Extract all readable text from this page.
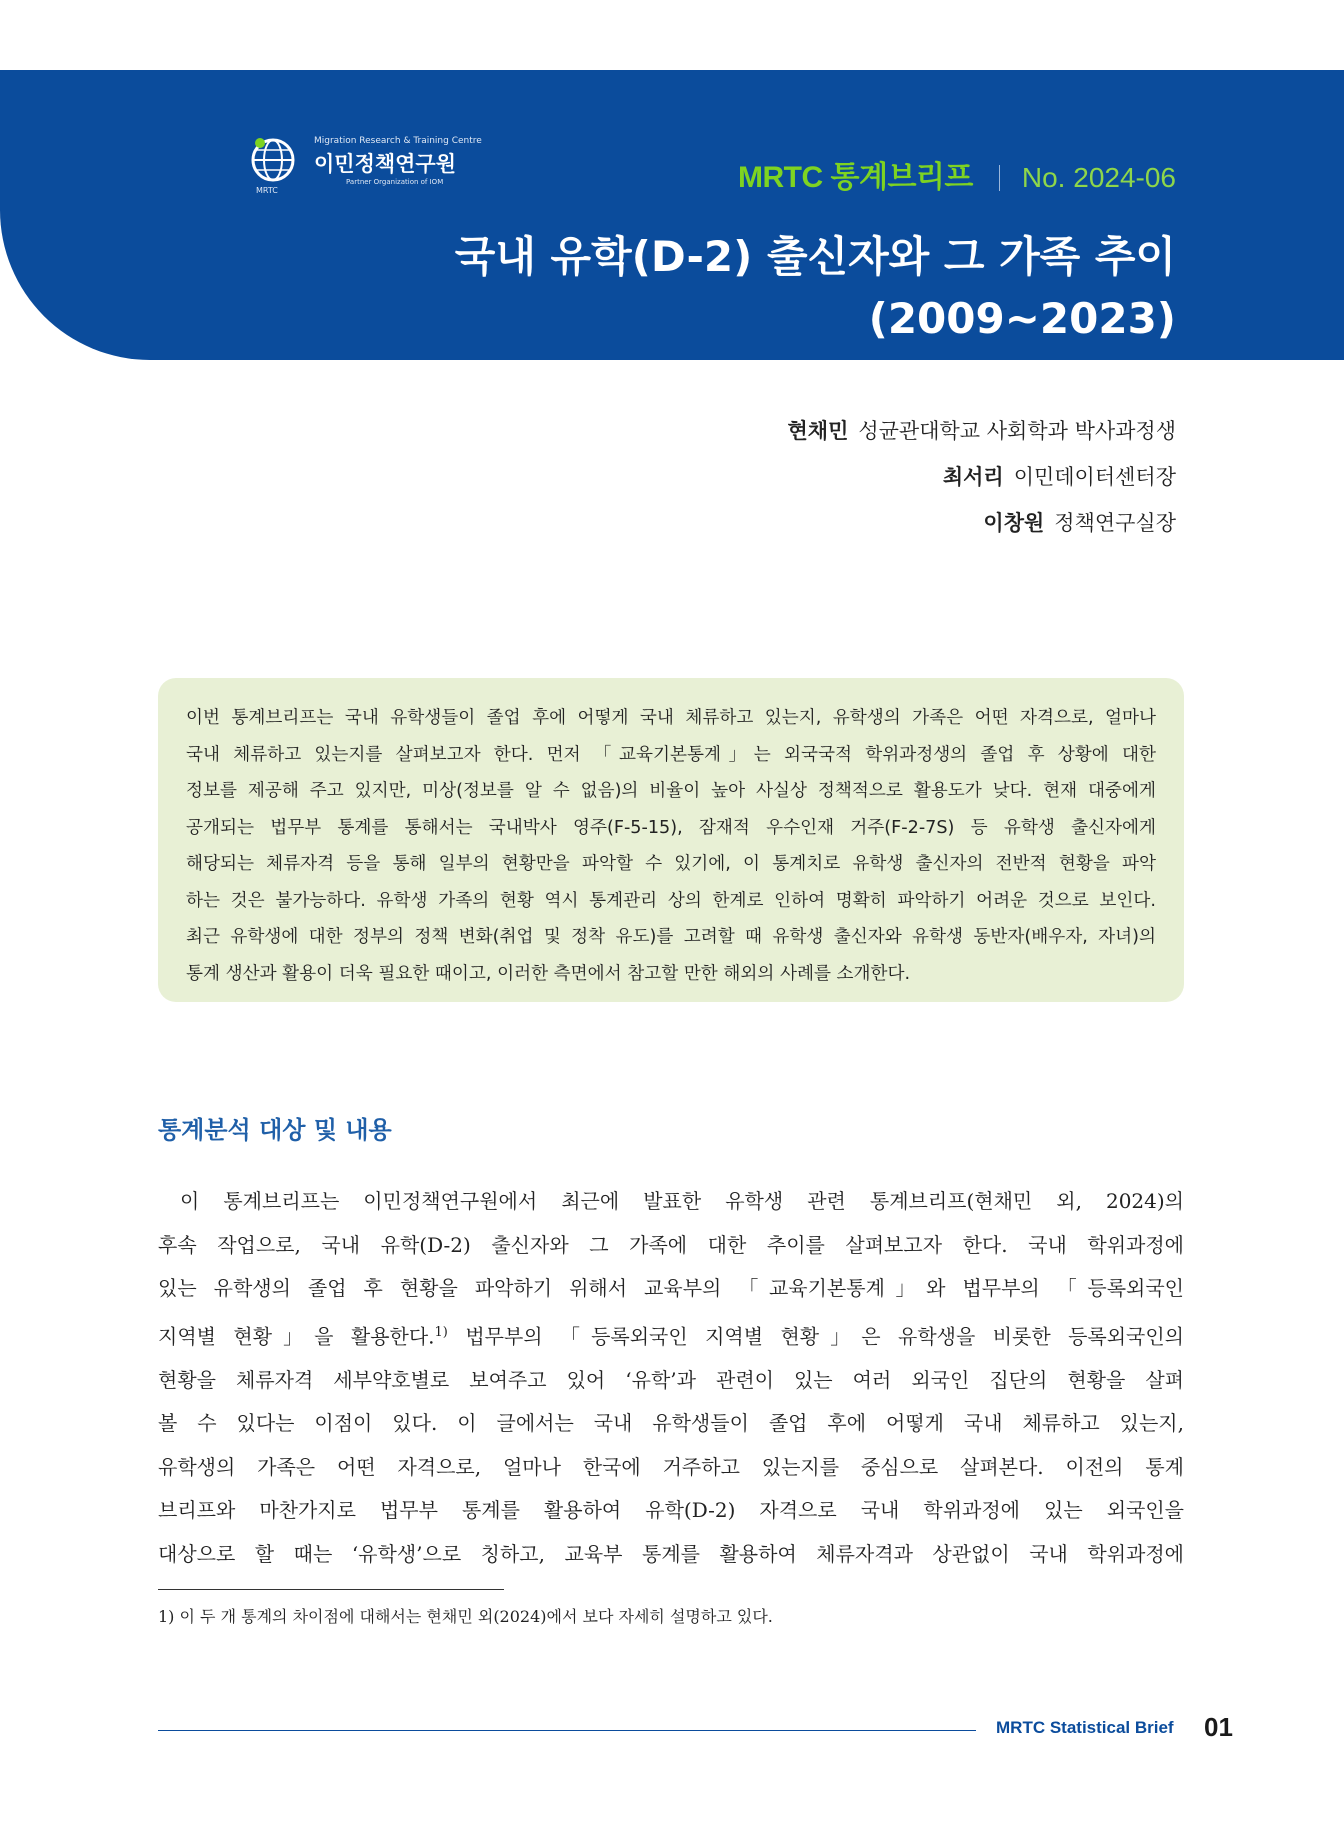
Migration Research & Training Centre
이민정책연구원
Partner Organization of IOM
MRTC	MRTC 통계브리프 No. 2024-06
국내 유학(D-2) 출신자와 그 가족 추이
(2009~2023)
현채민 성균관대학교 사회학과 박사과정생
최서리 이민데이터센터장
이창원 정책연구실장

이번 통계브리프는 국내 유학생들이 졸업 후에 어떻게 국내 체류하고 있는지, 유학생의 가족은 어떤 자격으로, 얼마나

국내 체류하고 있는지를 살펴보고자 한다. 먼저 「교육기본통계」는 외국국적 학위과정생의 졸업 후 상황에 대한

정보를 제공해 주고 있지만, 미상(정보를 알 수 없음)의 비율이 높아 사실상 정책적으로 활용도가 낮다. 현재 대중에게

공개되는 법무부 통계를 통해서는 국내박사 영주(F-5-15), 잠재적 우수인재 거주(F-2-7S) 등 유학생 출신자에게

해당되는 체류자격 등을 통해 일부의 현황만을 파악할 수 있기에, 이 통계치로 유학생 출신자의 전반적 현황을 파악

하는 것은 불가능하다. 유학생 가족의 현황 역시 통계관리 상의 한계로 인하여 명확히 파악하기 어려운 것으로 보인다.

최근 유학생에 대한 정부의 정책 변화(취업 및 정착 유도)를 고려할 때 유학생 출신자와 유학생 동반자(배우자, 자녀)의

통계 생산과 활용이 더욱 필요한 때이고, 이러한 측면에서 참고할 만한 해외의 사례를 소개한다.

통계분석 대상 및 내용

이 통계브리프는 이민정책연구원에서 최근에 발표한 유학생 관련 통계브리프(현채민 외, 2024)의

후속 작업으로, 국내 유학(D-2) 출신자와 그 가족에 대한 추이를 살펴보고자 한다. 국내 학위과정에

있는 유학생의 졸업 후 현황을 파악하기 위해서 교육부의 「교육기본통계」와 법무부의 「등록외국인

지역별 현황」을 활용한다.$^{1)}$ 법무부의 「등록외국인 지역별 현황」은 유학생을 비롯한 등록외국인의

현황을 체류자격 세부약호별로 보여주고 있어 ‘유학’과 관련이 있는 여러 외국인 집단의 현황을 살펴

볼 수 있다는 이점이 있다. 이 글에서는 국내 유학생들이 졸업 후에 어떻게 국내 체류하고 있는지,

유학생의 가족은 어떤 자격으로, 얼마나 한국에 거주하고 있는지를 중심으로 살펴본다. 이전의 통계

브리프와 마찬가지로 법무부 통계를 활용하여 유학(D-2) 자격으로 국내 학위과정에 있는 외국인을

대상으로 할 때는 ‘유학생’으로 칭하고, 교육부 통계를 활용하여 체류자격과 상관없이 국내 학위과정에

1) 이 두 개 통계의 차이점에 대해서는 현채민 외(2024)에서 보다 자세히 설명하고 있다.
MRTC Statistical Brief 01
